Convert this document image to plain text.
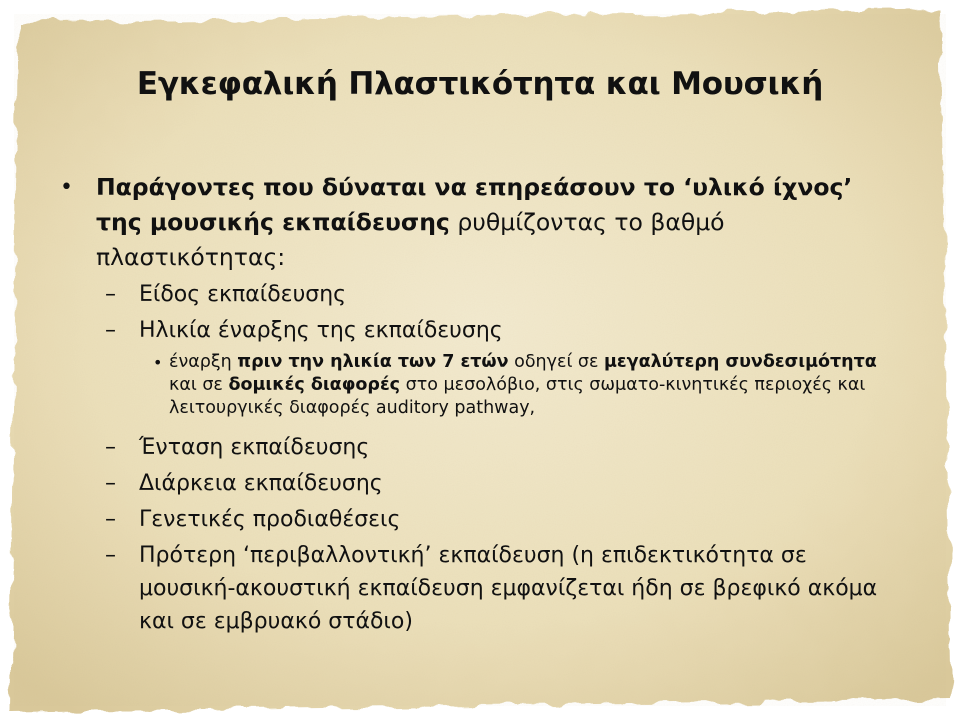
Εγκεφαλική Πλαστικότητα και Μουσική
• Παράγοντες που δύναται να επηρεάσουν το ‘υλικό ίχνος’ της μουσικής εκπαίδευσης ρυθμίζοντας το βαθμό πλαστικότητας:
– Είδος εκπαίδευσης
– Ηλικία έναρξης της εκπαίδευσης
• έναρξη πριν την ηλικία των 7 ετών οδηγεί σε μεγαλύτερη συνδεσιμότητα και σε δομικές διαφορές στο μεσολόβιο, στις σωματο-κινητικές περιοχές και λειτουργικές διαφορές auditory pathway,
– Ένταση εκπαίδευσης
– Διάρκεια εκπαίδευσης
– Γενετικές προδιαθέσεις
– Πρότερη ‘περιβαλλοντική’ εκπαίδευση (η επιδεκτικότητα σε μουσική-ακουστική εκπαίδευση εμφανίζεται ήδη σε βρεφικό ακόμα και σε εμβρυακό στάδιο)
